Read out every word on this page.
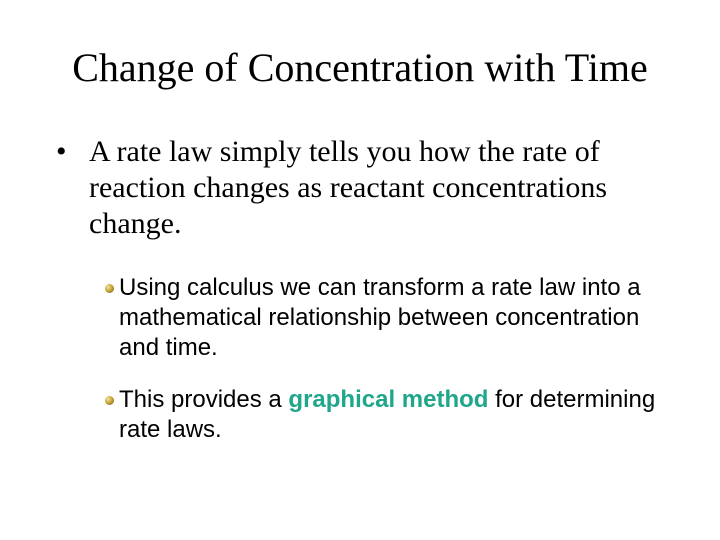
Change of Concentration with Time

• A rate law simply tells you how the rate of reaction changes as reactant concentrations change.

Using calculus we can transform a rate law into a mathematical relationship between concentration and time.
This provides a graphical method for determining rate laws.
